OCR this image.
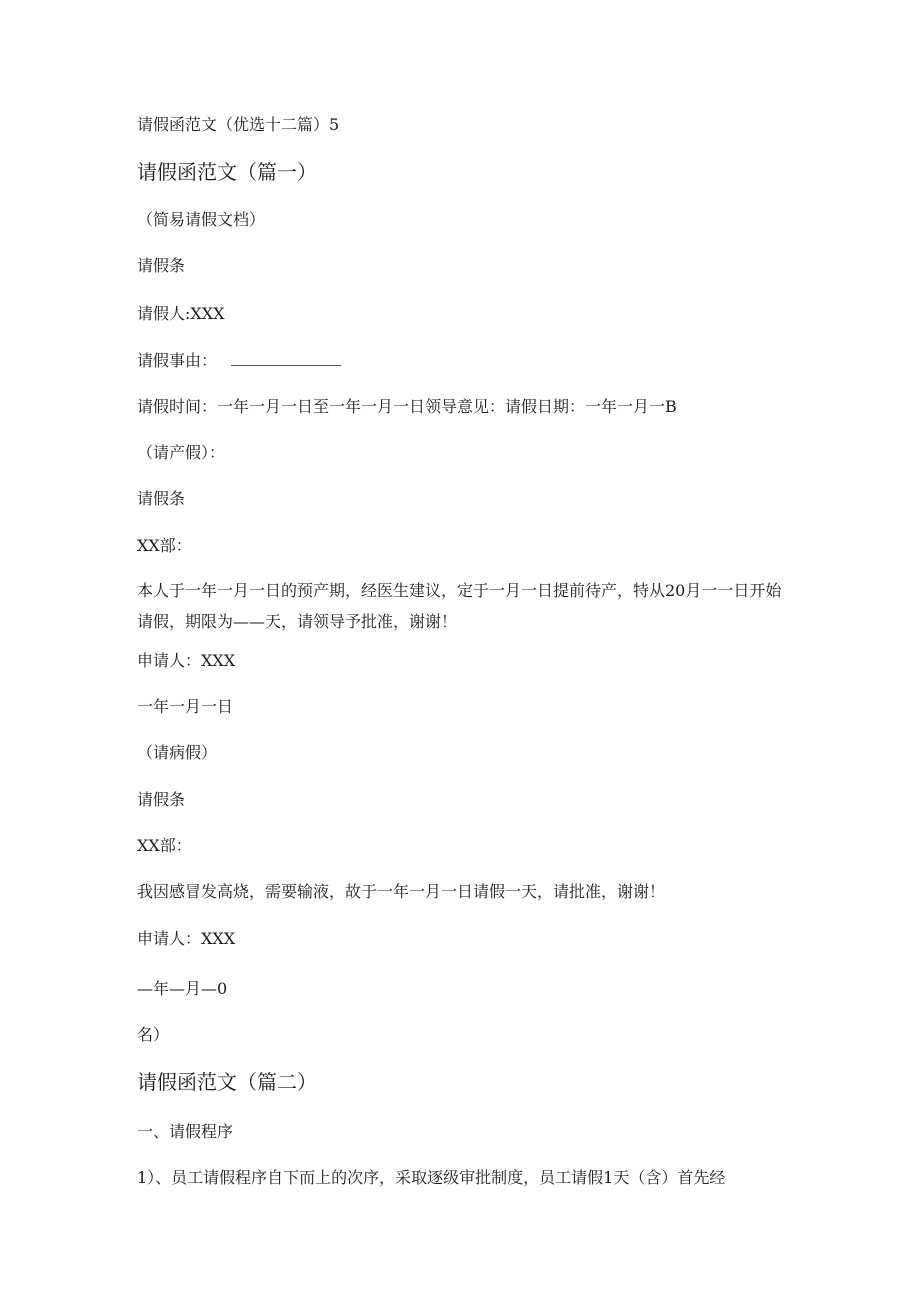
请假函范文（优选十二篇）5
请假函范文（篇一）
（简易请假文档）
请假条
请假人:XXX
请假事由：
请假时间：一年一月一日至一年一月一日领导意见：请假日期：一年一月一B
（请产假）：
请假条
XX部：
本人于一年一月一日的预产期，经医生建议，定于一月一日提前待产，特从20月一一日开始请假，期限为——天，请领导予批准，谢谢！
申请人：XXX
一年一月一日
（请病假）
请假条
XX部：
我因感冒发高烧，需要输液，故于一年一月一日请假一天，请批准，谢谢！
申请人：XXX
—年—月—0
名）
请假函范文（篇二）
一、请假程序
1）、员工请假程序自下而上的次序，采取逐级审批制度，员工请假1天（含）首先经
